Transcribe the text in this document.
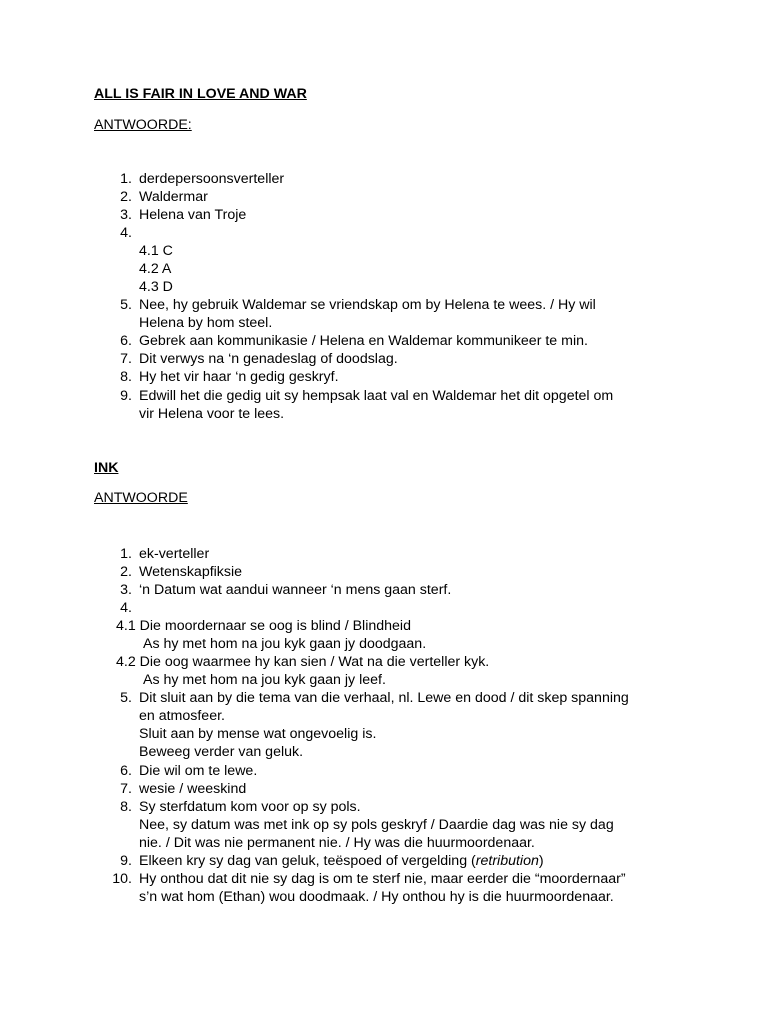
ALL IS FAIR IN LOVE AND WAR
ANTWOORDE:
1. derdepersoonsverteller
2. Waldermar
3. Helena van Troje
4.
4.1 C
4.2 A
4.3 D
5. Nee, hy gebruik Waldemar se vriendskap om by Helena te wees. / Hy wil
Helena by hom steel.
6. Gebrek aan kommunikasie / Helena en Waldemar kommunikeer te min.
7. Dit verwys na ‘n genadeslag of doodslag.
8. Hy het vir haar ‘n gedig geskryf.
9. Edwill het die gedig uit sy hempsak laat val en Waldemar het dit opgetel om
vir Helena voor te lees.
INK
ANTWOORDE
1. ek-verteller
2. Wetenskapfiksie
3. ‘n Datum wat aandui wanneer ‘n mens gaan sterf.
4.
4.1 Die moordernaar se oog is blind / Blindheid
As hy met hom na jou kyk gaan jy doodgaan.
4.2 Die oog waarmee hy kan sien / Wat na die verteller kyk.
As hy met hom na jou kyk gaan jy leef.
5. Dit sluit aan by die tema van die verhaal, nl. Lewe en dood / dit skep spanning
en atmosfeer.
Sluit aan by mense wat ongevoelig is.
Beweeg verder van geluk.
6. Die wil om te lewe.
7. wesie / weeskind
8. Sy sterfdatum kom voor op sy pols.
Nee, sy datum was met ink op sy pols geskryf / Daardie dag was nie sy dag
nie. / Dit was nie permanent nie. / Hy was die huurmoordenaar.
9. Elkeen kry sy dag van geluk, teëspoed of vergelding (retribution)
10. Hy onthou dat dit nie sy dag is om te sterf nie, maar eerder die “moordernaar”
s’n wat hom (Ethan) wou doodmaak. / Hy onthou hy is die huurmoordenaar.
